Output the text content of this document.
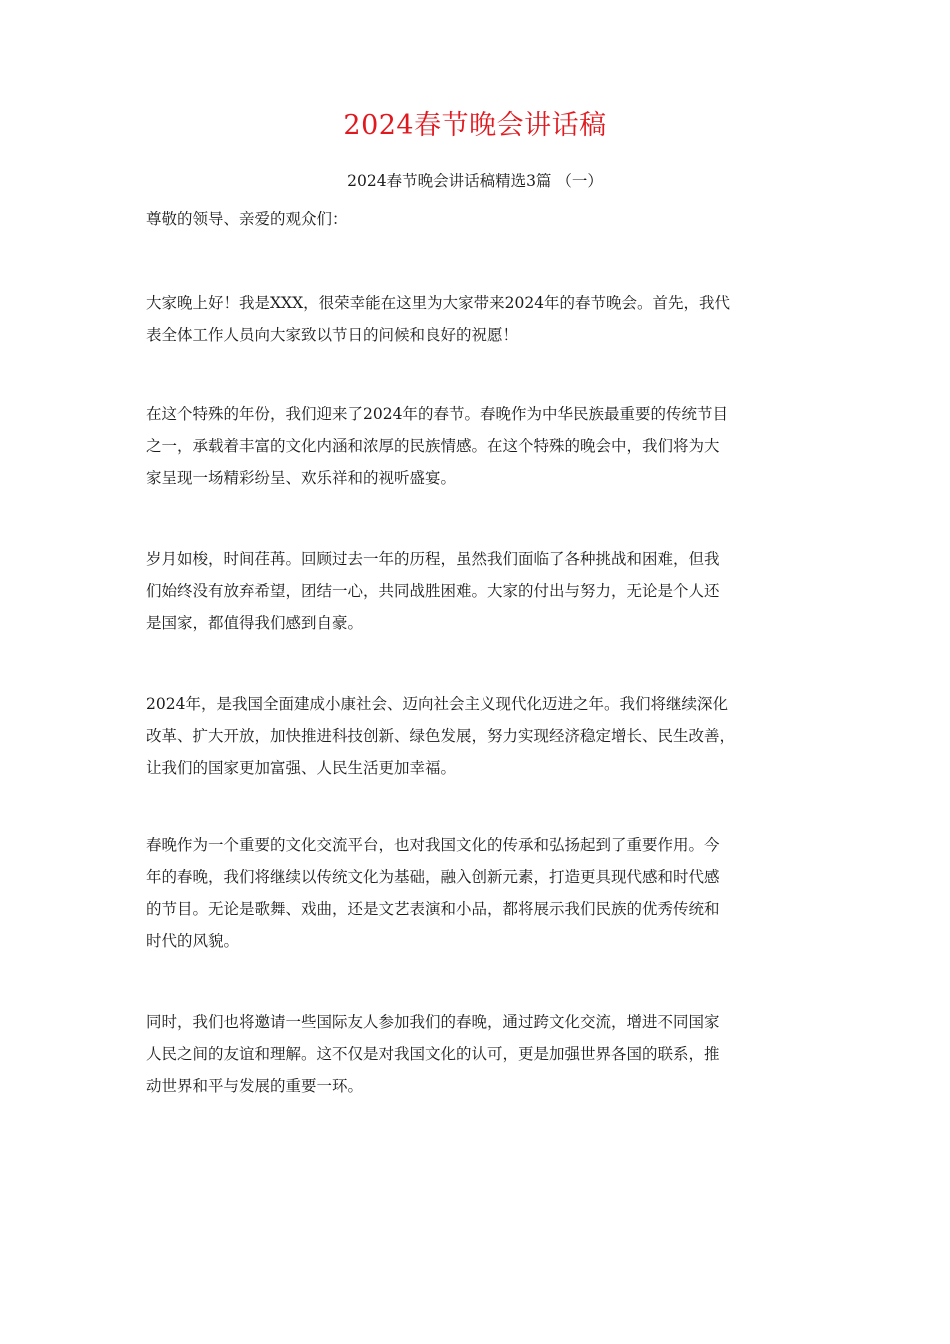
2024春节晚会讲话稿
2024春节晚会讲话稿精选3篇 （一）
尊敬的领导、亲爱的观众们：
大家晚上好！我是XXX，很荣幸能在这里为大家带来2024年的春节晚会。首先，我代
表全体工作人员向大家致以节日的问候和良好的祝愿！
在这个特殊的年份，我们迎来了2024年的春节。春晚作为中华民族最重要的传统节目
之一，承载着丰富的文化内涵和浓厚的民族情感。在这个特殊的晚会中，我们将为大
家呈现一场精彩纷呈、欢乐祥和的视听盛宴。
岁月如梭，时间荏苒。回顾过去一年的历程，虽然我们面临了各种挑战和困难，但我
们始终没有放弃希望，团结一心，共同战胜困难。大家的付出与努力，无论是个人还
是国家，都值得我们感到自豪。
2024年，是我国全面建成小康社会、迈向社会主义现代化迈进之年。我们将继续深化
改革、扩大开放，加快推进科技创新、绿色发展，努力实现经济稳定增长、民生改善，
让我们的国家更加富强、人民生活更加幸福。
春晚作为一个重要的文化交流平台，也对我国文化的传承和弘扬起到了重要作用。今
年的春晚，我们将继续以传统文化为基础，融入创新元素，打造更具现代感和时代感
的节目。无论是歌舞、戏曲，还是文艺表演和小品，都将展示我们民族的优秀传统和
时代的风貌。
同时，我们也将邀请一些国际友人参加我们的春晚，通过跨文化交流，增进不同国家
人民之间的友谊和理解。这不仅是对我国文化的认可，更是加强世界各国的联系，推
动世界和平与发展的重要一环。
